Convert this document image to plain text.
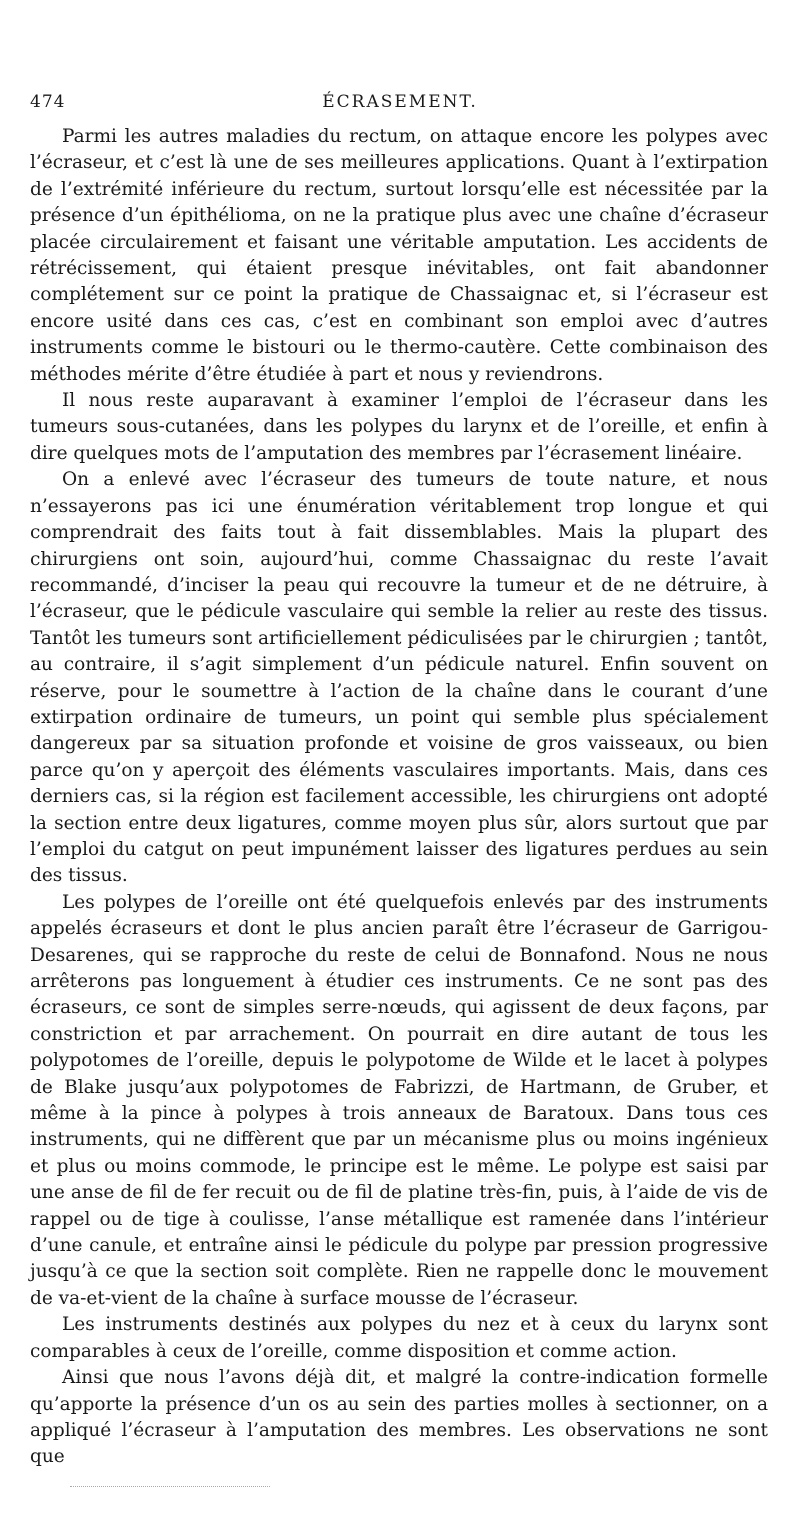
474	ÉCRASEMENT.

Parmi les autres maladies du rectum, on attaque encore les polypes avec l’écraseur, et c’est là une de ses meilleures applications. Quant à l’extirpation de l’extrémité inférieure du rectum, surtout lorsqu’elle est nécessitée par la présence d’un épithélioma, on ne la pratique plus avec une chaîne d’écraseur placée circulairement et faisant une véritable amputation. Les accidents de rétrécissement, qui étaient presque inévitables, ont fait abandonner complétement sur ce point la pratique de Chassaignac et, si l’écraseur est encore usité dans ces cas, c’est en combinant son emploi avec d’autres instruments comme le bistouri ou le thermo-cautère. Cette combinaison des méthodes mérite d’être étudiée à part et nous y reviendrons.

Il nous reste auparavant à examiner l’emploi de l’écraseur dans les tumeurs sous-cutanées, dans les polypes du larynx et de l’oreille, et enfin à dire quelques mots de l’amputation des membres par l’écrasement linéaire.

On a enlevé avec l’écraseur des tumeurs de toute nature, et nous n’essayerons pas ici une énumération véritablement trop longue et qui comprendrait des faits tout à fait dissemblables. Mais la plupart des chirurgiens ont soin, aujourd’hui, comme Chassaignac du reste l’avait recommandé, d’inciser la peau qui recouvre la tumeur et de ne détruire, à l’écraseur, que le pédicule vasculaire qui semble la relier au reste des tissus. Tantôt les tumeurs sont artificiellement pédiculisées par le chirurgien ; tantôt, au contraire, il s’agit simplement d’un pédicule naturel. Enfin souvent on réserve, pour le soumettre à l’action de la chaîne dans le courant d’une extirpation ordinaire de tumeurs, un point qui semble plus spécialement dangereux par sa situation profonde et voisine de gros vaisseaux, ou bien parce qu’on y aperçoit des éléments vasculaires importants. Mais, dans ces derniers cas, si la région est facilement accessible, les chirurgiens ont adopté la section entre deux ligatures, comme moyen plus sûr, alors surtout que par l’emploi du catgut on peut impunément laisser des ligatures perdues au sein des tissus.

Les polypes de l’oreille ont été quelquefois enlevés par des instruments appelés écraseurs et dont le plus ancien paraît être l’écraseur de Garrigou-Desarenes, qui se rapproche du reste de celui de Bonnafond. Nous ne nous arrêterons pas longuement à étudier ces instruments. Ce ne sont pas des écraseurs, ce sont de simples serre-nœuds, qui agissent de deux façons, par constriction et par arrachement. On pourrait en dire autant de tous les polypotomes de l’oreille, depuis le polypotome de Wilde et le lacet à polypes de Blake jusqu’aux polypotomes de Fabrizzi, de Hartmann, de Gruber, et même à la pince à polypes à trois anneaux de Baratoux. Dans tous ces instruments, qui ne diffèrent que par un mécanisme plus ou moins ingénieux et plus ou moins commode, le principe est le même. Le polype est saisi par une anse de fil de fer recuit ou de fil de platine très-fin, puis, à l’aide de vis de rappel ou de tige à coulisse, l’anse métallique est ramenée dans l’intérieur d’une canule, et entraîne ainsi le pédicule du polype par pression progressive jusqu’à ce que la section soit complète. Rien ne rappelle donc le mouvement de va-et-vient de la chaîne à surface mousse de l’écraseur.

Les instruments destinés aux polypes du nez et à ceux du larynx sont comparables à ceux de l’oreille, comme disposition et comme action.

Ainsi que nous l’avons déjà dit, et malgré la contre-indication formelle qu’apporte la présence d’un os au sein des parties molles à sectionner, on a appliqué l’écraseur à l’amputation des membres. Les observations ne sont que
